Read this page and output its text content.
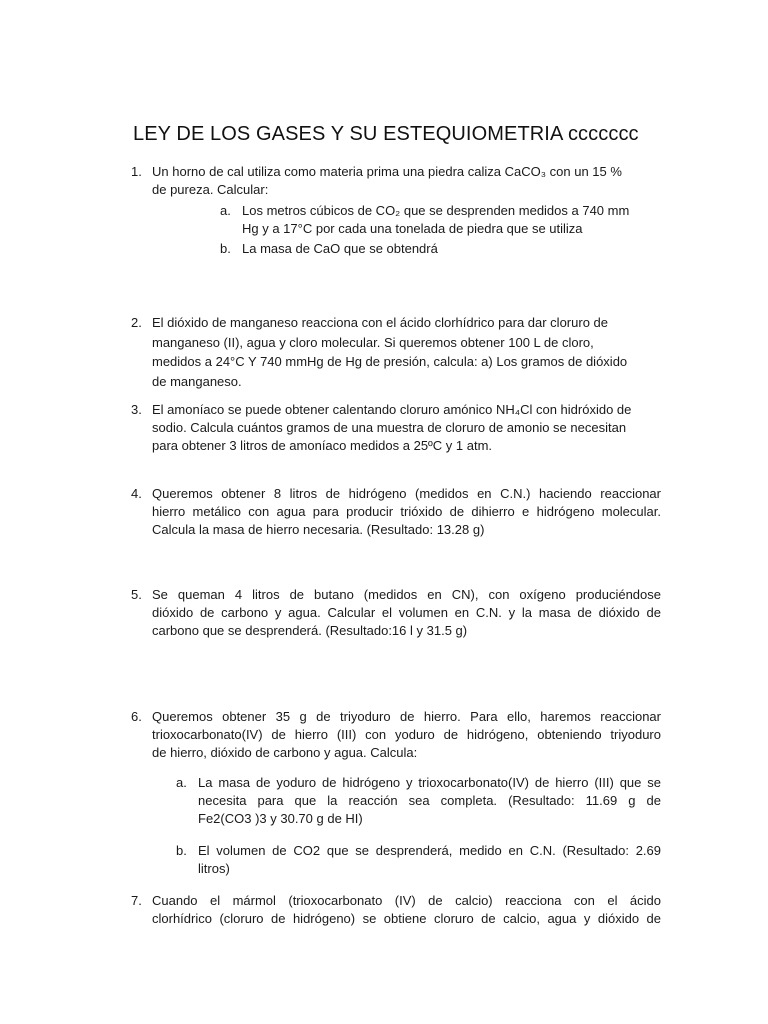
LEY DE LOS GASES Y SU ESTEQUIOMETRIA ccccccc
1. Un horno de cal utiliza como materia prima una piedra caliza CaCO₃ con un 15 %
de pureza. Calcular:
a. Los metros cúbicos de CO₂ que se desprenden medidos a 740 mm
Hg y a 17°C por cada una tonelada de piedra que se utiliza
b. La masa de CaO que se obtendrá
2. El dióxido de manganeso reacciona con el ácido clorhídrico para dar cloruro de
manganeso (II), agua y cloro molecular. Si queremos obtener 100 L de cloro,
medidos a 24°C Y 740 mmHg de Hg de presión, calcula: a) Los gramos de dióxido
de manganeso.
3. El amoníaco se puede obtener calentando cloruro amónico NH₄Cl con hidróxido de
sodio. Calcula cuántos gramos de una muestra de cloruro de amonio se necesitan
para obtener 3 litros de amoníaco medidos a 25ºC y 1 atm.
4. Queremos obtener 8 litros de hidrógeno (medidos en C.N.) haciendo reaccionar
hierro metálico con agua para producir trióxido de dihierro e hidrógeno molecular.
Calcula la masa de hierro necesaria. (Resultado: 13.28 g)
5. Se queman 4 litros de butano (medidos en CN), con oxígeno produciéndose
dióxido de carbono y agua. Calcular el volumen en C.N. y la masa de dióxido de
carbono que se desprenderá. (Resultado:16 l y 31.5 g)
6. Queremos obtener 35 g de triyoduro de hierro. Para ello, haremos reaccionar
trioxocarbonato(IV) de hierro (III) con yoduro de hidrógeno, obteniendo triyoduro
de hierro, dióxido de carbono y agua. Calcula:
a. La masa de yoduro de hidrógeno y trioxocarbonato(IV) de hierro (III) que se
necesita para que la reacción sea completa. (Resultado: 11.69 g de
Fe2(CO3 )3 y 30.70 g de HI)
b. El volumen de CO2 que se desprenderá, medido en C.N. (Resultado: 2.69
litros)
7. Cuando el mármol (trioxocarbonato (IV) de calcio) reacciona con el ácido
clorhídrico (cloruro de hidrógeno) se obtiene cloruro de calcio, agua y dióxido de
